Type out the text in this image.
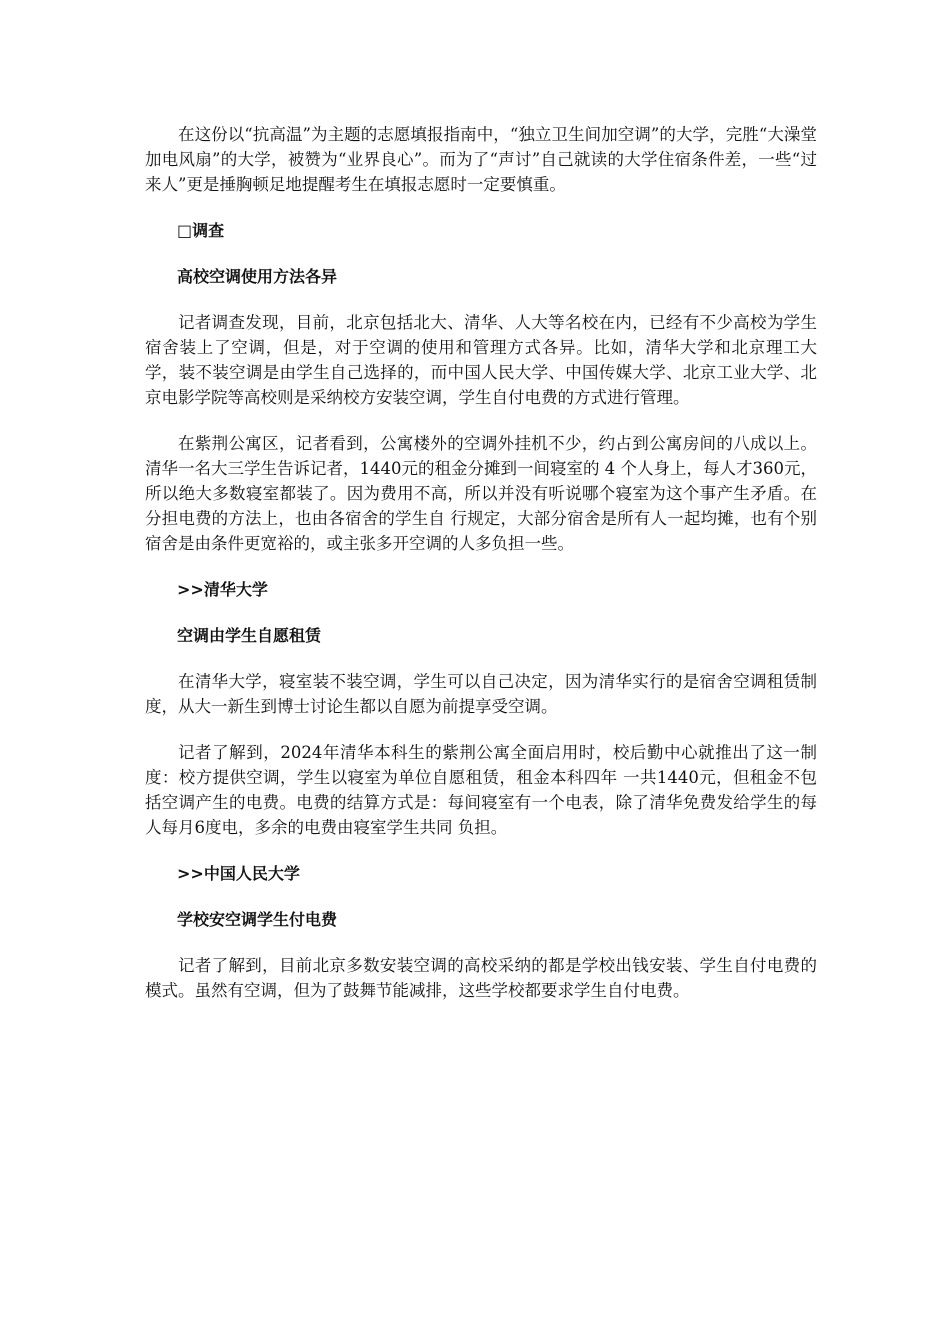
在这份以“抗高温”为主题的志愿填报指南中，“独立卫生间加空调”的大学，完胜“大澡堂加电风扇”的大学，被赞为“业界良心”。而为了“声讨”自己就读的大学住宿条件差，一些“过来人”更是捶胸顿足地提醒考生在填报志愿时一定要慎重。

□调查

高校空调使用方法各异

记者调查发现，目前，北京包括北大、清华、人大等名校在内，已经有不少高校为学生宿舍装上了空调，但是，对于空调的使用和管理方式各异。比如，清华大学和北京理工大学，装不装空调是由学生自己选择的，而中国人民大学、中国传媒大学、北京工业大学、北京电影学院等高校则是采纳校方安装空调，学生自付电费的方式进行管理。

在紫荆公寓区，记者看到，公寓楼外的空调外挂机不少，约占到公寓房间的八成以上。清华一名大三学生告诉记者，1440元的租金分摊到一间寝室的 4 个人身上，每人才360元，所以绝大多数寝室都装了。因为费用不高，所以并没有听说哪个寝室为这个事产生矛盾。在分担电费的方法上，也由各宿舍的学生自 行规定，大部分宿舍是所有人一起均摊，也有个别宿舍是由条件更宽裕的，或主张多开空调的人多负担一些。

>>清华大学

空调由学生自愿租赁

在清华大学，寝室装不装空调，学生可以自己决定，因为清华实行的是宿舍空调租赁制度，从大一新生到博士讨论生都以自愿为前提享受空调。

记者了解到，2024年清华本科生的紫荆公寓全面启用时，校后勤中心就推出了这一制度：校方提供空调，学生以寝室为单位自愿租赁，租金本科四年 一共1440元，但租金不包括空调产生的电费。电费的结算方式是：每间寝室有一个电表，除了清华免费发给学生的每人每月6度电，多余的电费由寝室学生共同 负担。

>>中国人民大学

学校安空调学生付电费

记者了解到，目前北京多数安装空调的高校采纳的都是学校出钱安装、学生自付电费的模式。虽然有空调，但为了鼓舞节能减排，这些学校都要求学生自付电费。
